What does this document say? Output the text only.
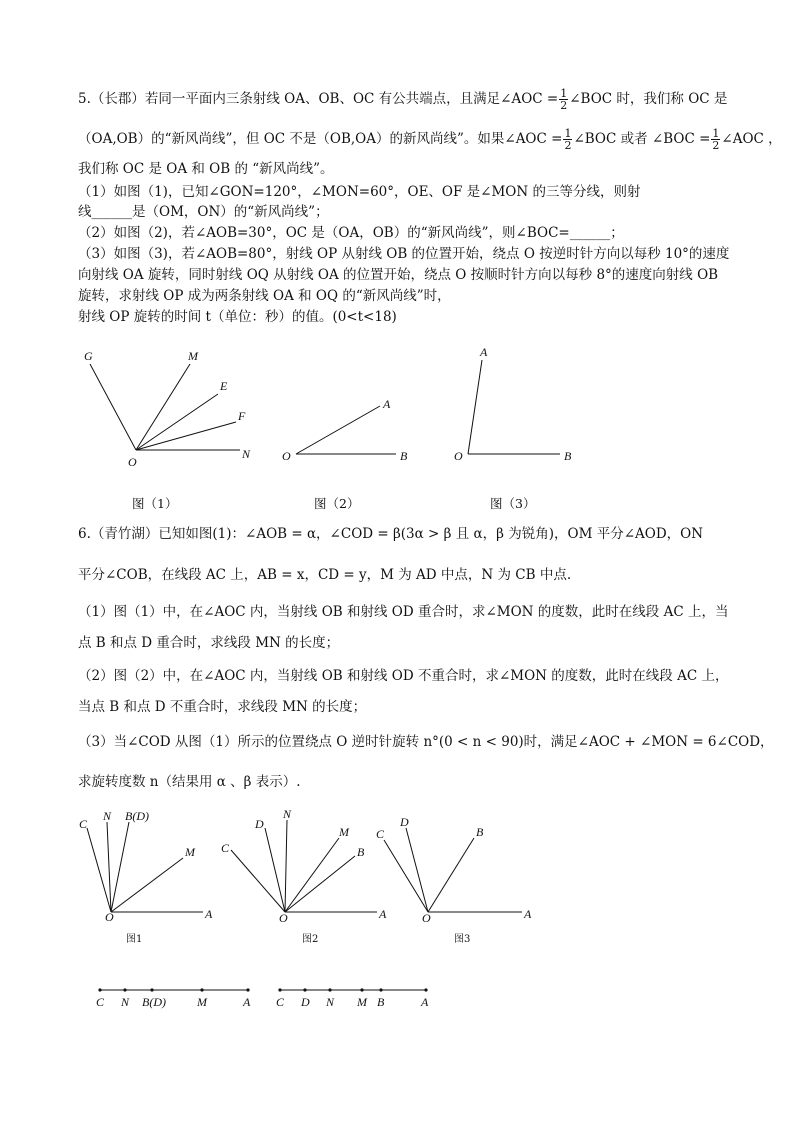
5.（长郡）若同一平面内三条射线 OA、OB、OC 有公共端点，且满足∠AOC = $\frac{1}{2}$ ∠BOC 时，我们称 OC 是
（OA,OB）的“新风尚线”，但 OC 不是（OB,OA）的新风尚线”。如果∠AOC = $\frac{1}{2}$ ∠BOC 或者 ∠BOC = $\frac{1}{2}$ ∠AOC ，
我们称 OC 是 OA 和 OB 的 “新风尚线”。
（1）如图（1)，已知∠GON=120°，∠MON=60°，OE、OF 是∠MON 的三等分线，则射
线______是（OM，ON）的“新风尚线”；
（2）如图（2)，若∠AOB=30°，OC 是（OA，OB）的“新风尚线”，则∠BOC=______；
（3）如图（3)，若∠AOB=80°，射线 OP 从射线 OB 的位置开始，绕点 O 按逆时针方向以每秒 10°的速度
向射线 OA 旋转，同时射线 OQ 从射线 OA 的位置开始，绕点 O 按顺时针方向以每秒 8°的速度向射线 OB
旋转，求射线 OP 成为两条射线 OA 和 OQ 的“新风尚线”时，
射线 OP 旋转的时间 t（单位：秒）的值。(0<t<18)
G	M
E
F
O
N
A
O	B
A
O	B
图（1）	图（2）	图（3）
6.（青竹湖）已知如图(1)：∠AOB = α，∠COD = β(3α > β 且 α，β 为锐角)，OM 平分∠AOD，ON
平分∠COB，在线段 AC 上，AB = x，CD = y，M 为 AD 中点，N 为 CB 中点.
（1）图（1）中，在∠AOC 内，当射线 OB 和射线 OD 重合时，求∠MON 的度数，此时在线段 AC 上，当
点 B 和点 D 重合时，求线段 MN 的长度；
（2）图（2）中，在∠AOC 内，当射线 OB 和射线 OD 不重合时，求∠MON 的度数，此时在线段 AC 上，
当点 B 和点 D 不重合时，求线段 MN 的长度；
（3）当∠COD 从图（1）所示的位置绕点 O 逆时针旋转 n°(0 < n < 90)时，满足∠AOC + ∠MON = 6∠COD，
求旋转度数 n（结果用 α 、β 表示）.
C
N B(D)
M
O	A
D
N
M
C	B
O	A
C
D
B
O	A
图1	图2	图3
C N B(D)	M	A C D N M B	A
